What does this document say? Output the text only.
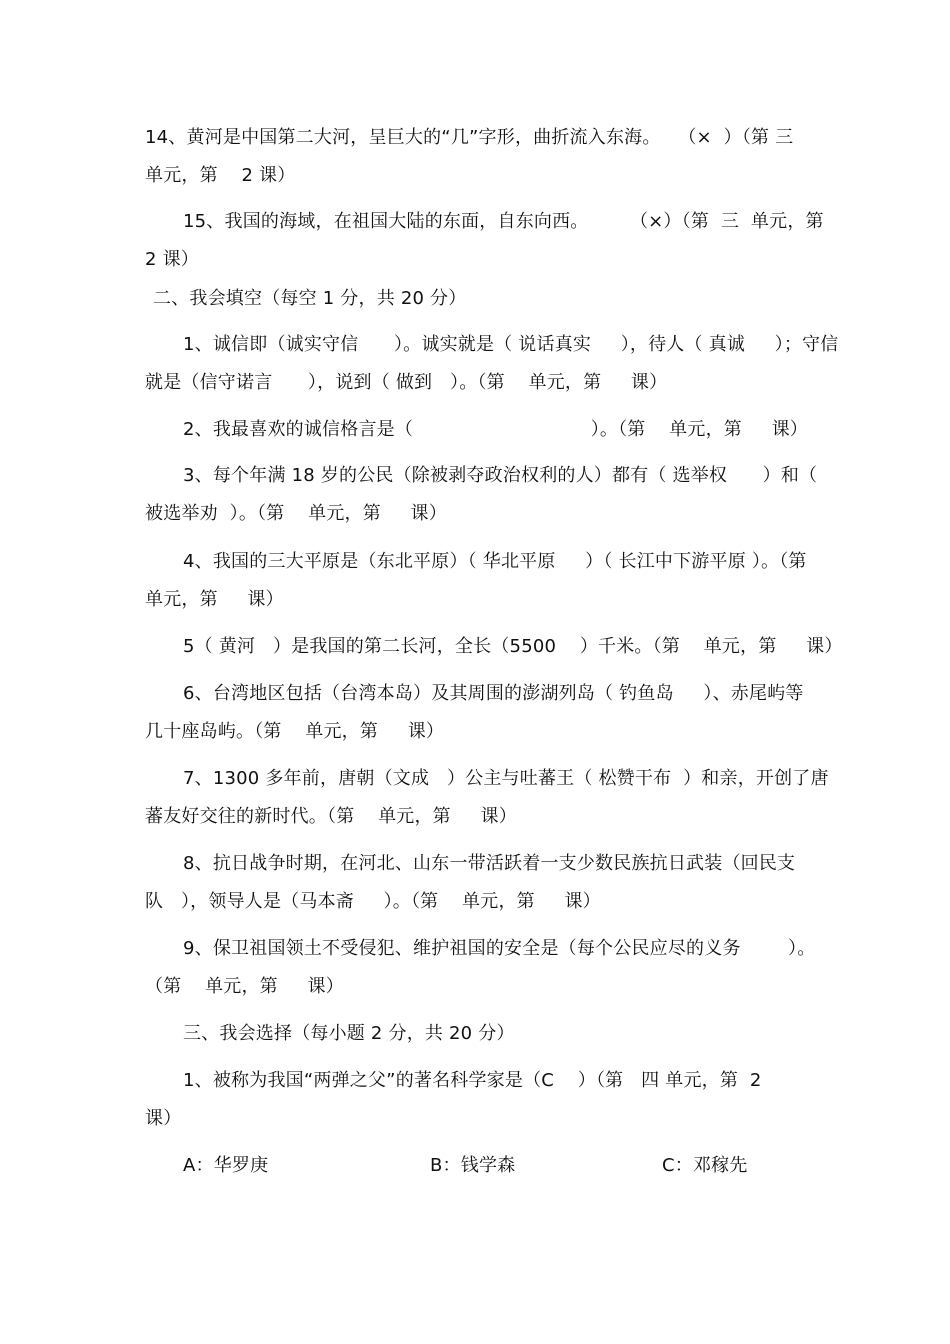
14、黄河是中国第二大河，呈巨大的“几”字形，曲折流入东海。   （×  ）（第 三
单元，第    2 课）
15、我国的海域，在祖国大陆的东面，自东向西。       （×）（第  三  单元，第
2 课）
二、我会填空（每空 1 分，共 20 分）
1、诚信即（诚实守信      ）。诚实就是（ 说话真实     ），待人（ 真诚     ）；守信
就是（信守诺言      ），说到（ 做到   ）。（第    单元，第     课）
2、我最喜欢的诚信格言是（                              ）。（第    单元，第     课）
3、每个年满 18 岁的公民（除被剥夺政治权利的人）都有（ 选举权      ）和（
被选举劝  ）。（第    单元，第     课）
4、我国的三大平原是（东北平原）（ 华北平原     ）（ 长江中下游平原 ）。（第
单元，第     课）
5（ 黄河   ）是我国的第二长河，全长（5500    ）千米。（第    单元，第     课）
6、台湾地区包括（台湾本岛）及其周围的澎湖列岛（ 钓鱼岛     ）、赤尾屿等
几十座岛屿。（第    单元，第     课）
7、1300 多年前，唐朝（文成   ）公主与吐蕃王（ 松赞干布  ）和亲，开创了唐
蕃友好交往的新时代。（第    单元，第     课）
8、抗日战争时期，在河北、山东一带活跃着一支少数民族抗日武装（回民支
队   ），领导人是（马本斋     ）。（第    单元，第     课）
9、保卫祖国领土不受侵犯、维护祖国的安全是（每个公民应尽的义务        ）。
（第    单元，第     课）
三、我会选择（每小题 2 分，共 20 分）
1、被称为我国“两弹之父”的著名科学家是（C    ）（第   四 单元，第  2
课）
A：华罗庚	B：钱学森	C：邓稼先
